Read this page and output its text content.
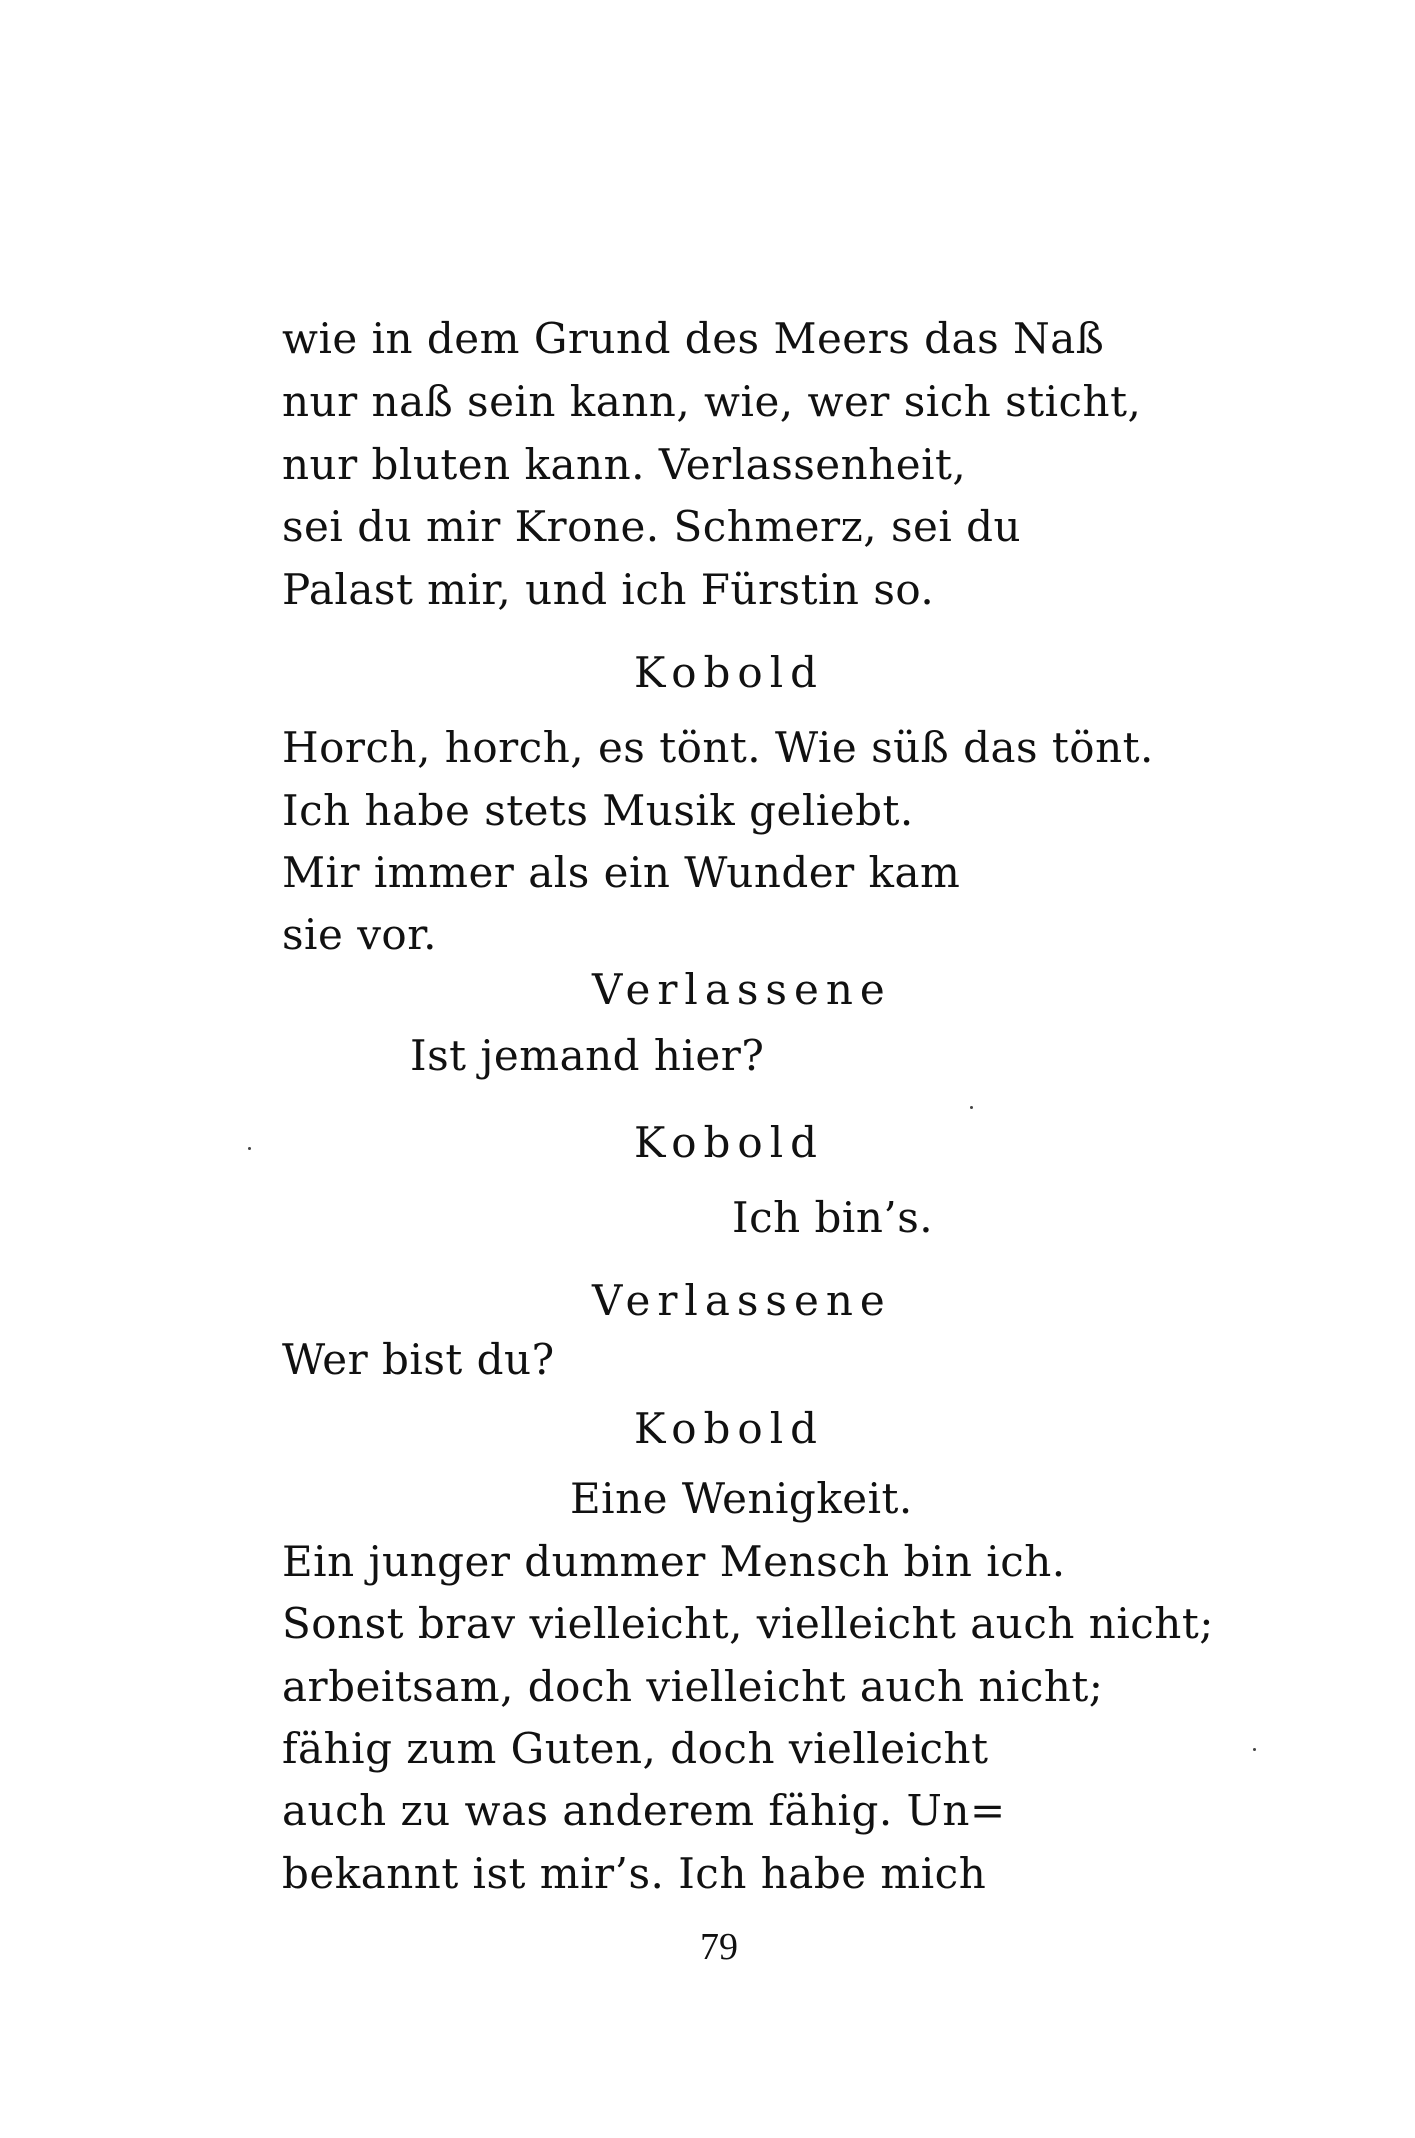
wie in dem Grund des Meers das Naß
nur naß sein kann, wie, wer sich sticht,
nur bluten kann. Verlassenheit,
sei du mir Krone. Schmerz, sei du
Palast mir, und ich Fürstin so.
Kobold
Horch, horch, es tönt. Wie süß das tönt.
Ich habe stets Musik geliebt.
Mir immer als ein Wunder kam
sie vor.
Verlassene
Ist jemand hier?
Kobold
Ich bin’s.
Verlassene
Wer bist du?
Kobold
Eine Wenigkeit.
Ein junger dummer Mensch bin ich.
Sonst brav vielleicht, vielleicht auch nicht;
arbeitsam, doch vielleicht auch nicht;
fähig zum Guten, doch vielleicht
auch zu was anderem fähig. Un=
bekannt ist mir’s. Ich habe mich
79
